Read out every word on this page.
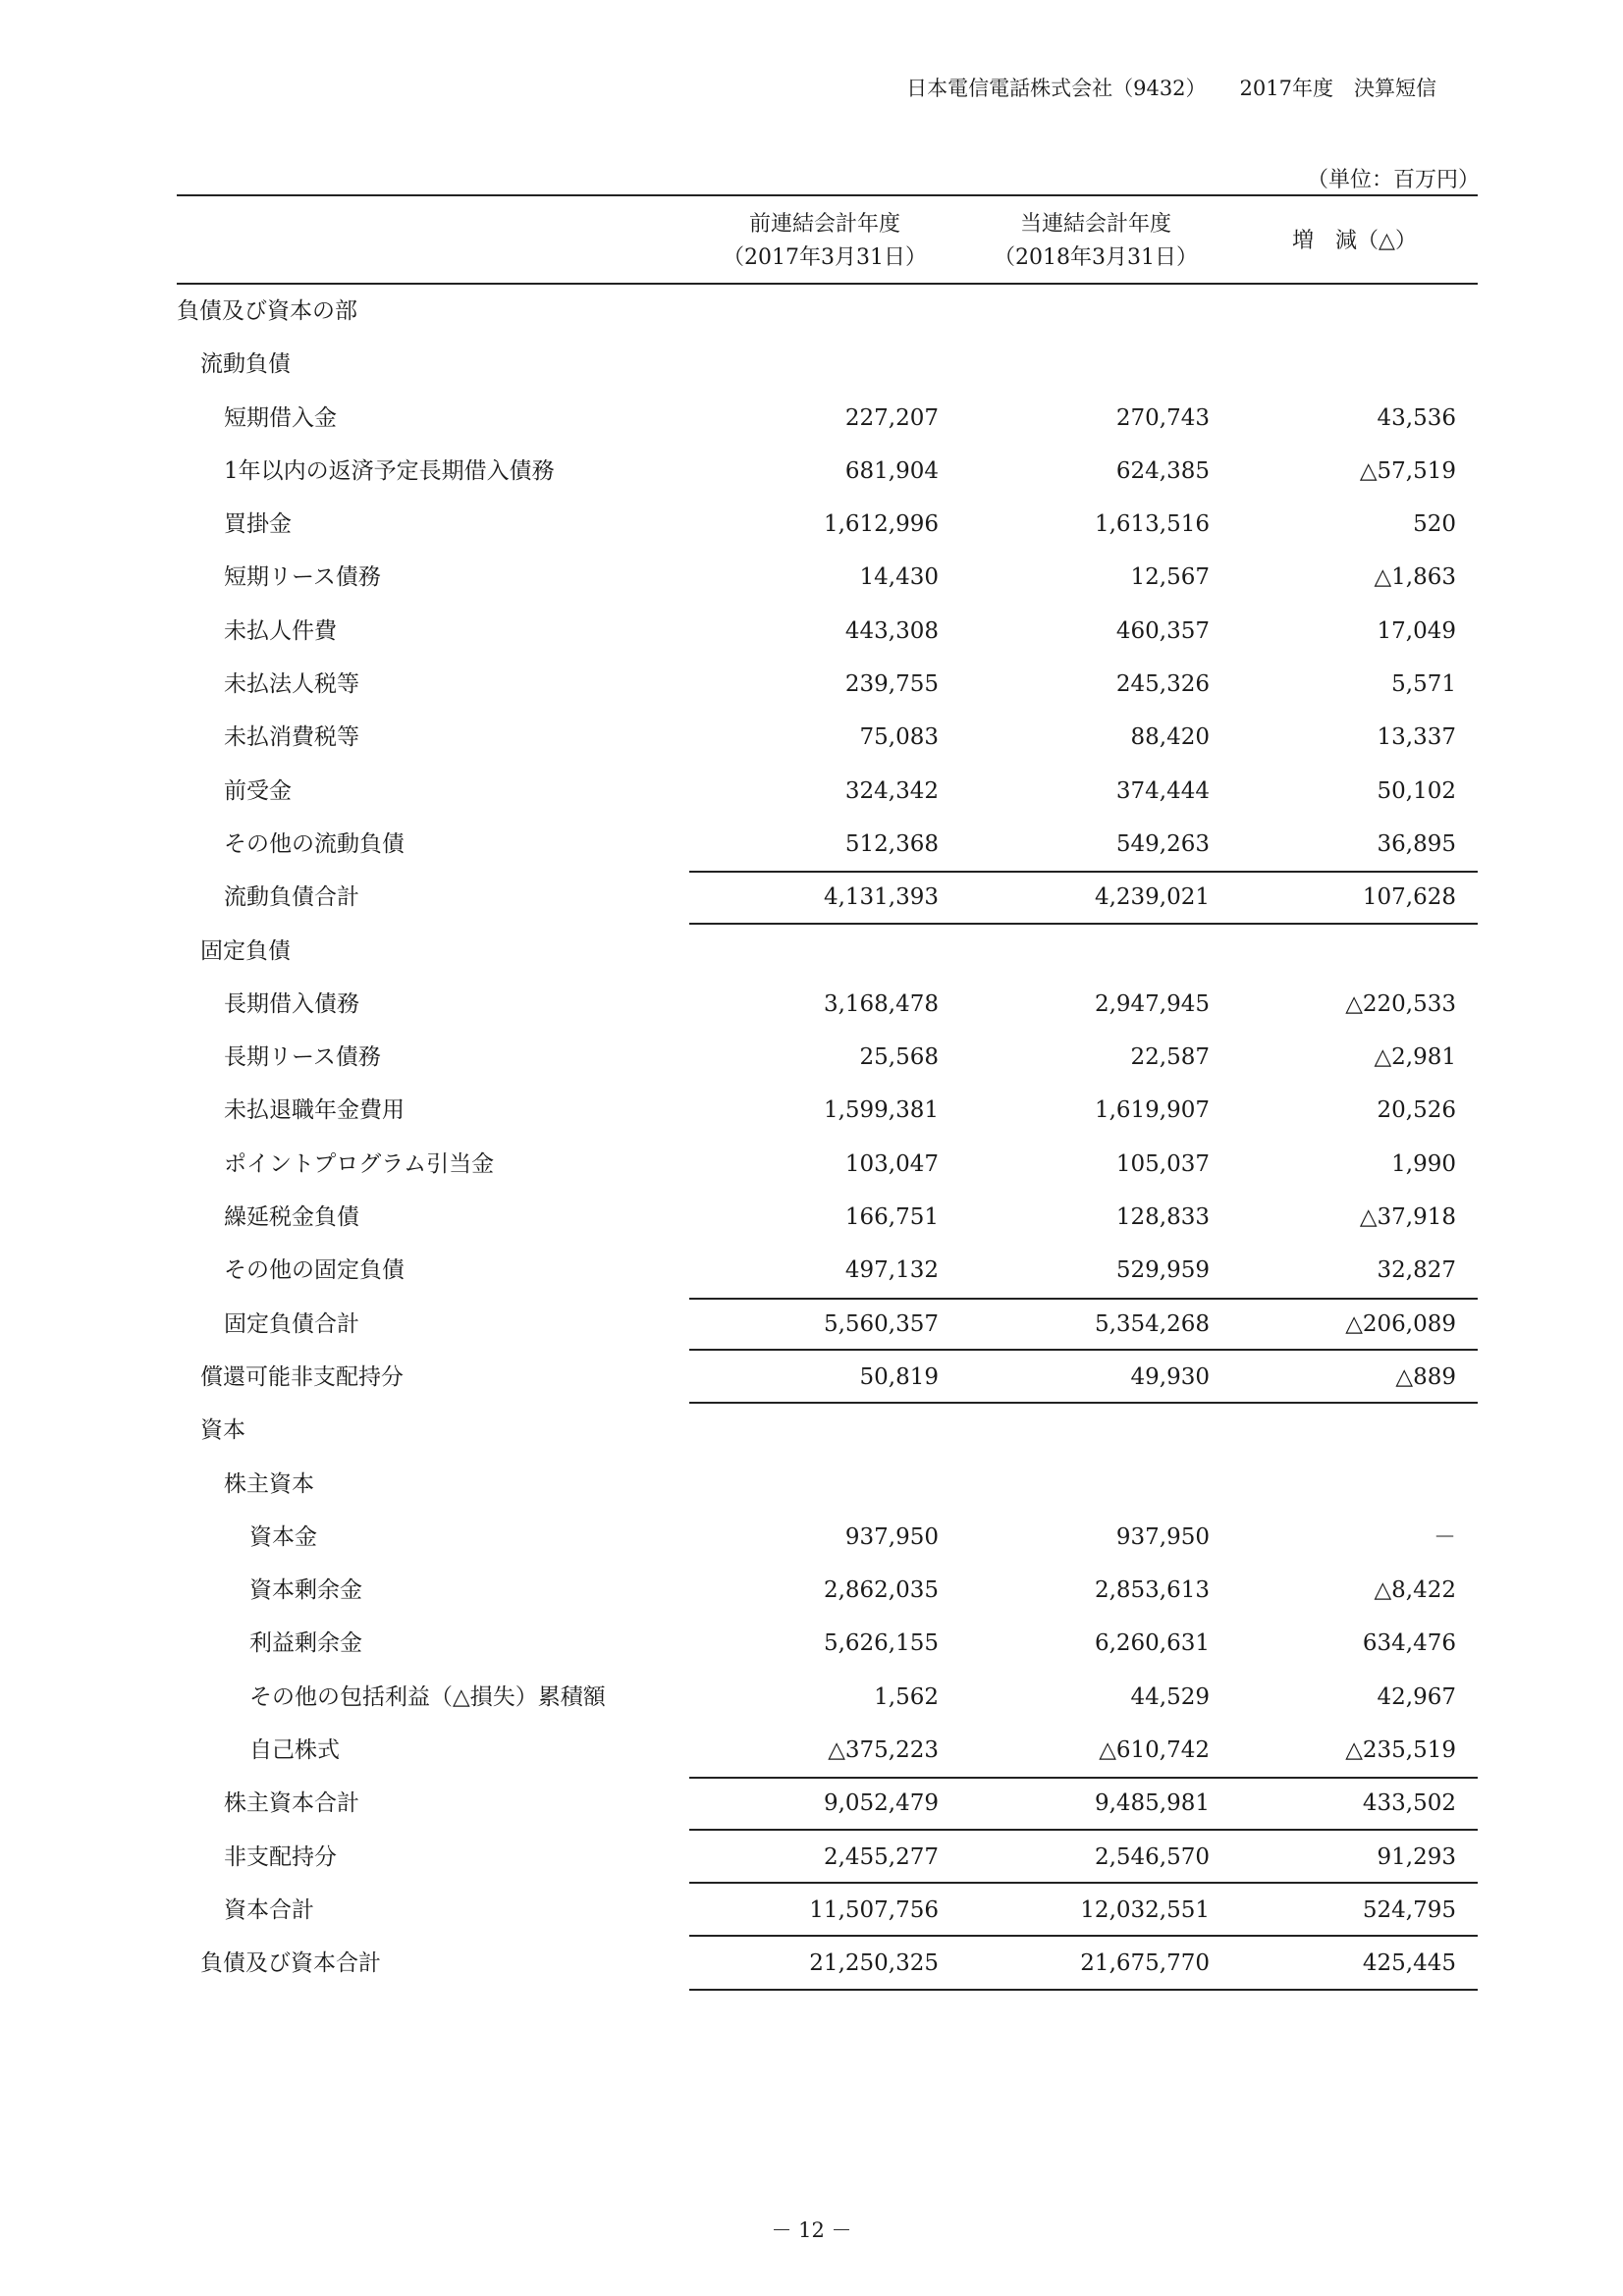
日本電信電話株式会社（9432） 2017年度　決算短信
（単位：百万円）
前連結会計年度
（2017年3月31日）
当連結会計年度
（2018年3月31日）
増　減（△）
負債及び資本の部
流動負債
短期借入金	227,207	270,743	43,536
1年以内の返済予定長期借入債務	681,904	624,385	△57,519
買掛金	1,612,996	1,613,516	520
短期リース債務	14,430	12,567	△1,863
未払人件費	443,308	460,357	17,049
未払法人税等	239,755	245,326	5,571
未払消費税等	75,083	88,420	13,337
前受金	324,342	374,444	50,102
その他の流動負債	512,368	549,263	36,895
流動負債合計	4,131,393	4,239,021	107,628
固定負債
長期借入債務	3,168,478	2,947,945	△220,533
長期リース債務	25,568	22,587	△2,981
未払退職年金費用	1,599,381	1,619,907	20,526
ポイントプログラム引当金	103,047	105,037	1,990
繰延税金負債	166,751	128,833	△37,918
その他の固定負債	497,132	529,959	32,827
固定負債合計	5,560,357	5,354,268	△206,089
償還可能非支配持分	50,819	49,930	△889
資本
株主資本
資本金	937,950	937,950	－
資本剰余金	2,862,035	2,853,613	△8,422
利益剰余金	5,626,155	6,260,631	634,476
その他の包括利益（△損失）累積額	1,562	44,529	42,967
自己株式	△375,223	△610,742	△235,519
株主資本合計	9,052,479	9,485,981	433,502
非支配持分	2,455,277	2,546,570	91,293
資本合計	11,507,756	12,032,551	524,795
負債及び資本合計	21,250,325	21,675,770	425,445
－ 12 －
